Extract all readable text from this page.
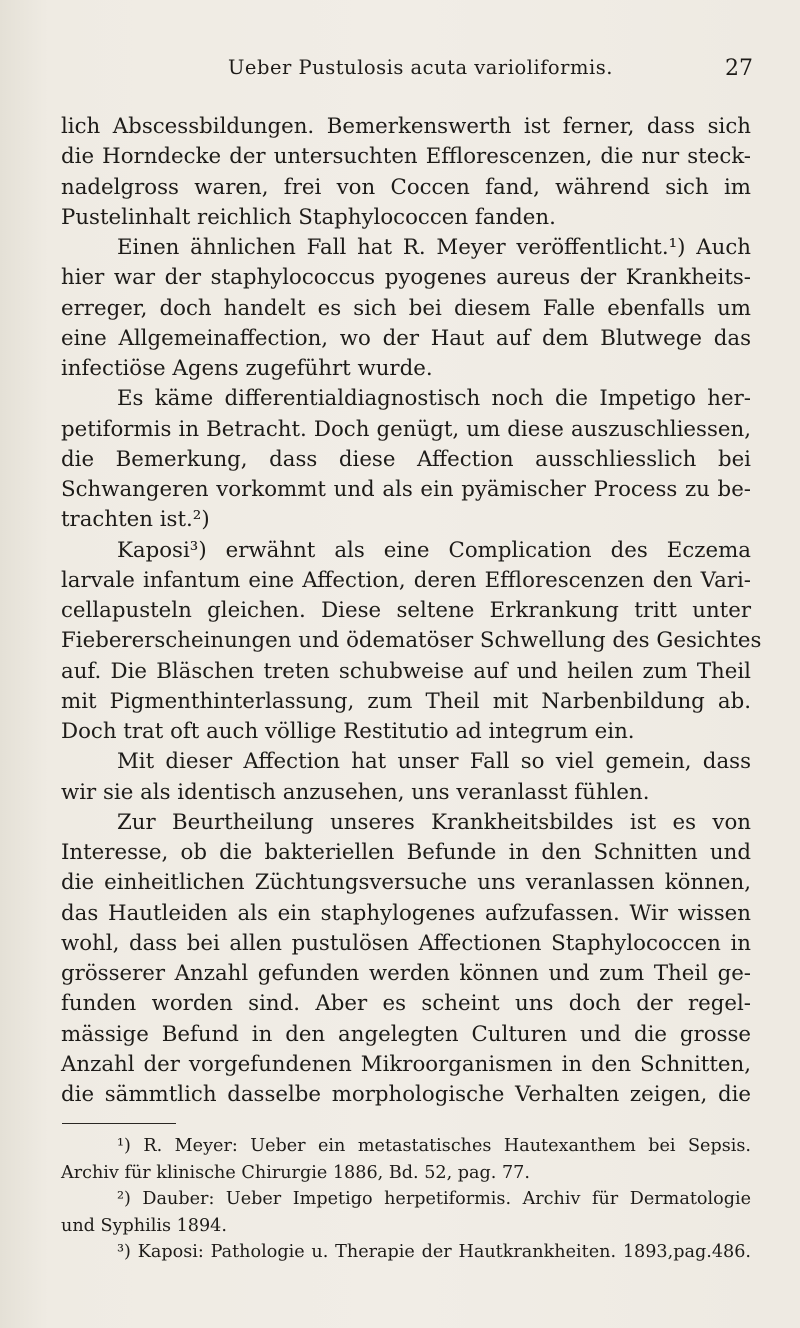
Ueber Pustulosis acuta varioliformis.	27
lich Abscessbildungen. Bemerkenswerth ist ferner, dass sich
die Horndecke der untersuchten Efflorescenzen, die nur steck-
nadelgross waren, frei von Coccen fand, während sich im
Pustelinhalt reichlich Staphylococcen fanden.
Einen ähnlichen Fall hat R. Meyer veröffentlicht.¹) Auch
hier war der staphylococcus pyogenes aureus der Krankheits-
erreger, doch handelt es sich bei diesem Falle ebenfalls um
eine Allgemeinaffection, wo der Haut auf dem Blutwege das
infectiöse Agens zugeführt wurde.
Es käme differentialdiagnostisch noch die Impetigo her-
petiformis in Betracht. Doch genügt, um diese auszuschliessen,
die Bemerkung, dass diese Affection ausschliesslich bei
Schwangeren vorkommt und als ein pyämischer Process zu be-
trachten ist.²)
Kaposi³) erwähnt als eine Complication des Eczema
larvale infantum eine Affection, deren Efflorescenzen den Vari-
cellapusteln gleichen. Diese seltene Erkrankung tritt unter
Fiebererscheinungen und ödematöser Schwellung des Gesichtes
auf. Die Bläschen treten schubweise auf und heilen zum Theil
mit Pigmenthinterlassung, zum Theil mit Narbenbildung ab.
Doch trat oft auch völlige Restitutio ad integrum ein.
Mit dieser Affection hat unser Fall so viel gemein, dass
wir sie als identisch anzusehen, uns veranlasst fühlen.
Zur Beurtheilung unseres Krankheitsbildes ist es von
Interesse, ob die bakteriellen Befunde in den Schnitten und
die einheitlichen Züchtungsversuche uns veranlassen können,
das Hautleiden als ein staphylogenes aufzufassen. Wir wissen
wohl, dass bei allen pustulösen Affectionen Staphylococcen in
grösserer Anzahl gefunden werden können und zum Theil ge-
funden worden sind. Aber es scheint uns doch der regel-
mässige Befund in den angelegten Culturen und die grosse
Anzahl der vorgefundenen Mikroorganismen in den Schnitten,
die sämmtlich dasselbe morphologische Verhalten zeigen, die
¹) R. Meyer: Ueber ein metastatisches Hautexanthem bei Sepsis.
Archiv für klinische Chirurgie 1886, Bd. 52, pag. 77.
²) Dauber: Ueber Impetigo herpetiformis. Archiv für Dermatologie
und Syphilis 1894.
³) Kaposi: Pathologie u. Therapie der Hautkrankheiten. 1893,pag.486.
